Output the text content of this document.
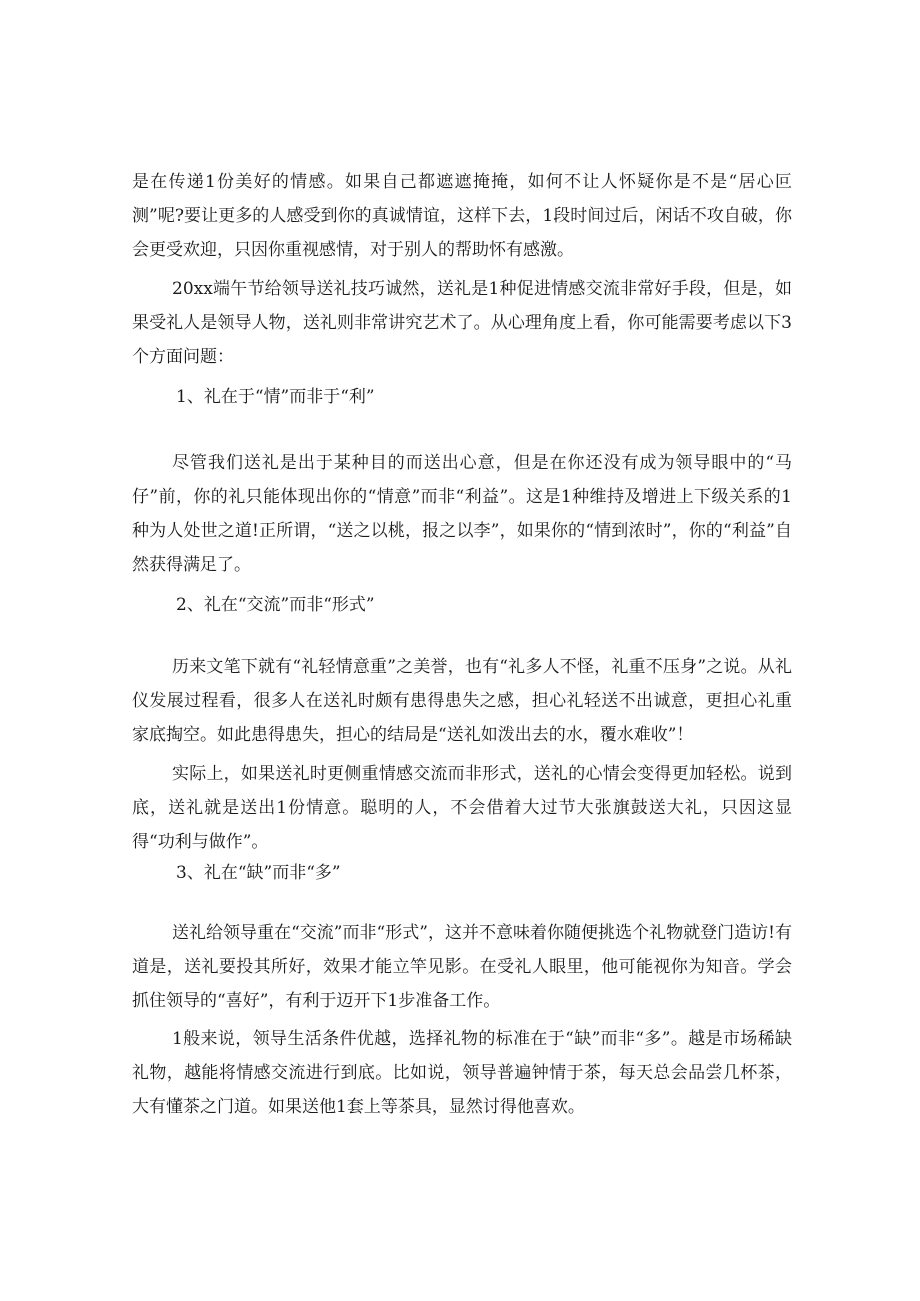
是在传递1份美好的情感。如果自己都遮遮掩掩，如何不让人怀疑你是不是“居心叵测”呢?要让更多的人感受到你的真诚情谊，这样下去，1段时间过后，闲话不攻自破，你会更受欢迎，只因你重视感情，对于别人的帮助怀有感激。

20xx端午节给领导送礼技巧诚然，送礼是1种促进情感交流非常好手段，但是，如果受礼人是领导人物，送礼则非常讲究艺术了。从心理角度上看，你可能需要考虑以下3个方面问题：

1、礼在于“情”而非于“利”

尽管我们送礼是出于某种目的而送出心意，但是在你还没有成为领导眼中的“马仔”前，你的礼只能体现出你的“情意”而非“利益”。这是1种维持及增进上下级关系的1种为人处世之道!正所谓，“送之以桃，报之以李”，如果你的“情到浓时”，你的“利益”自然获得满足了。

2、礼在“交流”而非“形式”

历来文笔下就有“礼轻情意重”之美誉，也有“礼多人不怪，礼重不压身”之说。从礼仪发展过程看，很多人在送礼时颇有患得患失之感，担心礼轻送不出诚意，更担心礼重家底掏空。如此患得患失，担心的结局是“送礼如泼出去的水，覆水难收”！

实际上，如果送礼时更侧重情感交流而非形式，送礼的心情会变得更加轻松。说到底，送礼就是送出1份情意。聪明的人，不会借着大过节大张旗鼓送大礼，只因这显得“功利与做作”。

3、礼在“缺”而非“多”

送礼给领导重在“交流”而非“形式”，这并不意味着你随便挑选个礼物就登门造访!有道是，送礼要投其所好，效果才能立竿见影。在受礼人眼里，他可能视你为知音。学会抓住领导的“喜好”，有利于迈开下1步准备工作。

1般来说，领导生活条件优越，选择礼物的标准在于“缺”而非“多”。越是市场稀缺礼物，越能将情感交流进行到底。比如说，领导普遍钟情于茶，每天总会品尝几杯茶，大有懂茶之门道。如果送他1套上等茶具，显然讨得他喜欢。
